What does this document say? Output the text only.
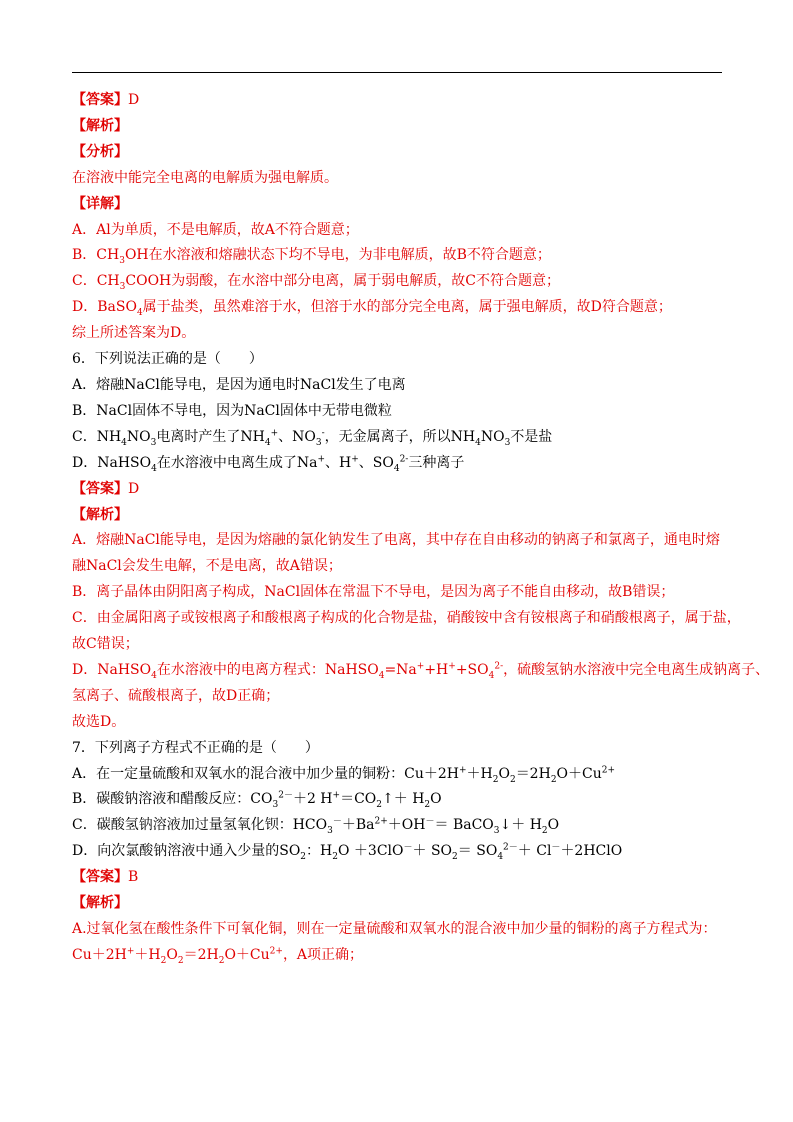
【答案】D
【解析】
【分析】
在溶液中能完全电离的电解质为强电解质。
【详解】
A．Al为单质，不是电解质，故A不符合题意；
B．$CH_3OH$在水溶液和熔融状态下均不导电，为非电解质，故B不符合题意；
C．$CH_3COOH$为弱酸，在水溶中部分电离，属于弱电解质，故C不符合题意；
D．BaSO$_4$属于盐类，虽然难溶于水，但溶于水的部分完全电离，属于强电解质，故D符合题意；
综上所述答案为D。
6．下列说法正确的是（　　）
A．熔融NaCl能导电，是因为通电时NaCl发生了电离
B．NaCl固体不导电，因为NaCl固体中无带电微粒
C．$NH_4NO_3$电离时产生了$NH_4^+$、$NO_3^-$，无金属离子，所以$NH_4NO_3$不是盐
D．NaHSO$_4$在水溶液中电离生成了Na+、H+、$SO_4^{2-}$三种离子
【答案】D
【解析】
A．熔融NaCl能导电，是因为熔融的氯化钠发生了电离，其中存在自由移动的钠离子和氯离子，通电时熔
融NaCl会发生电解，不是电离，故A错误；
B．离子晶体由阴阳离子构成，NaCl固体在常温下不导电，是因为离子不能自由移动，故B错误；
C．由金属阳离子或铵根离子和酸根离子构成的化合物是盐，硝酸铵中含有铵根离子和硝酸根离子，属于盐，
故C错误；
D．NaHSO$_4$在水溶液中的电离方程式：$NaHSO_4=Na^++H^++SO_4^{2-}$，硫酸氢钠水溶液中完全电离生成钠离子、
氢离子、硫酸根离子，故D正确；
故选D。
7．下列离子方程式不正确的是（　　）
A．在一定量硫酸和双氧水的混合液中加少量的铜粉：$Cu+2H^++H_2O_2=2H_2O+Cu^{2+}$
B．碳酸钠溶液和醋酸反应：$CO_3^{2-}+2$ $H^+=CO_2↑+ H_2O$
C．碳酸氢钠溶液加过量氢氧化钡：$HCO_3^-+Ba^{2+}+OH^-=$ BaCO$_3$↓＋ $H_2O$
D．向次氯酸钠溶液中通入少量的$SO_2$：$H_2O +3ClO^-+ SO_2= SO_4^{2-}+$ Cl－＋2HClO
【答案】B
【解析】
A.过氧化氢在酸性条件下可氧化铜，则在一定量硫酸和双氧水的混合液中加少量的铜粉的离子方程式为：
$Cu+2H^++H_2O_2=2H_2O+Cu^{2+}$，A项正确；
